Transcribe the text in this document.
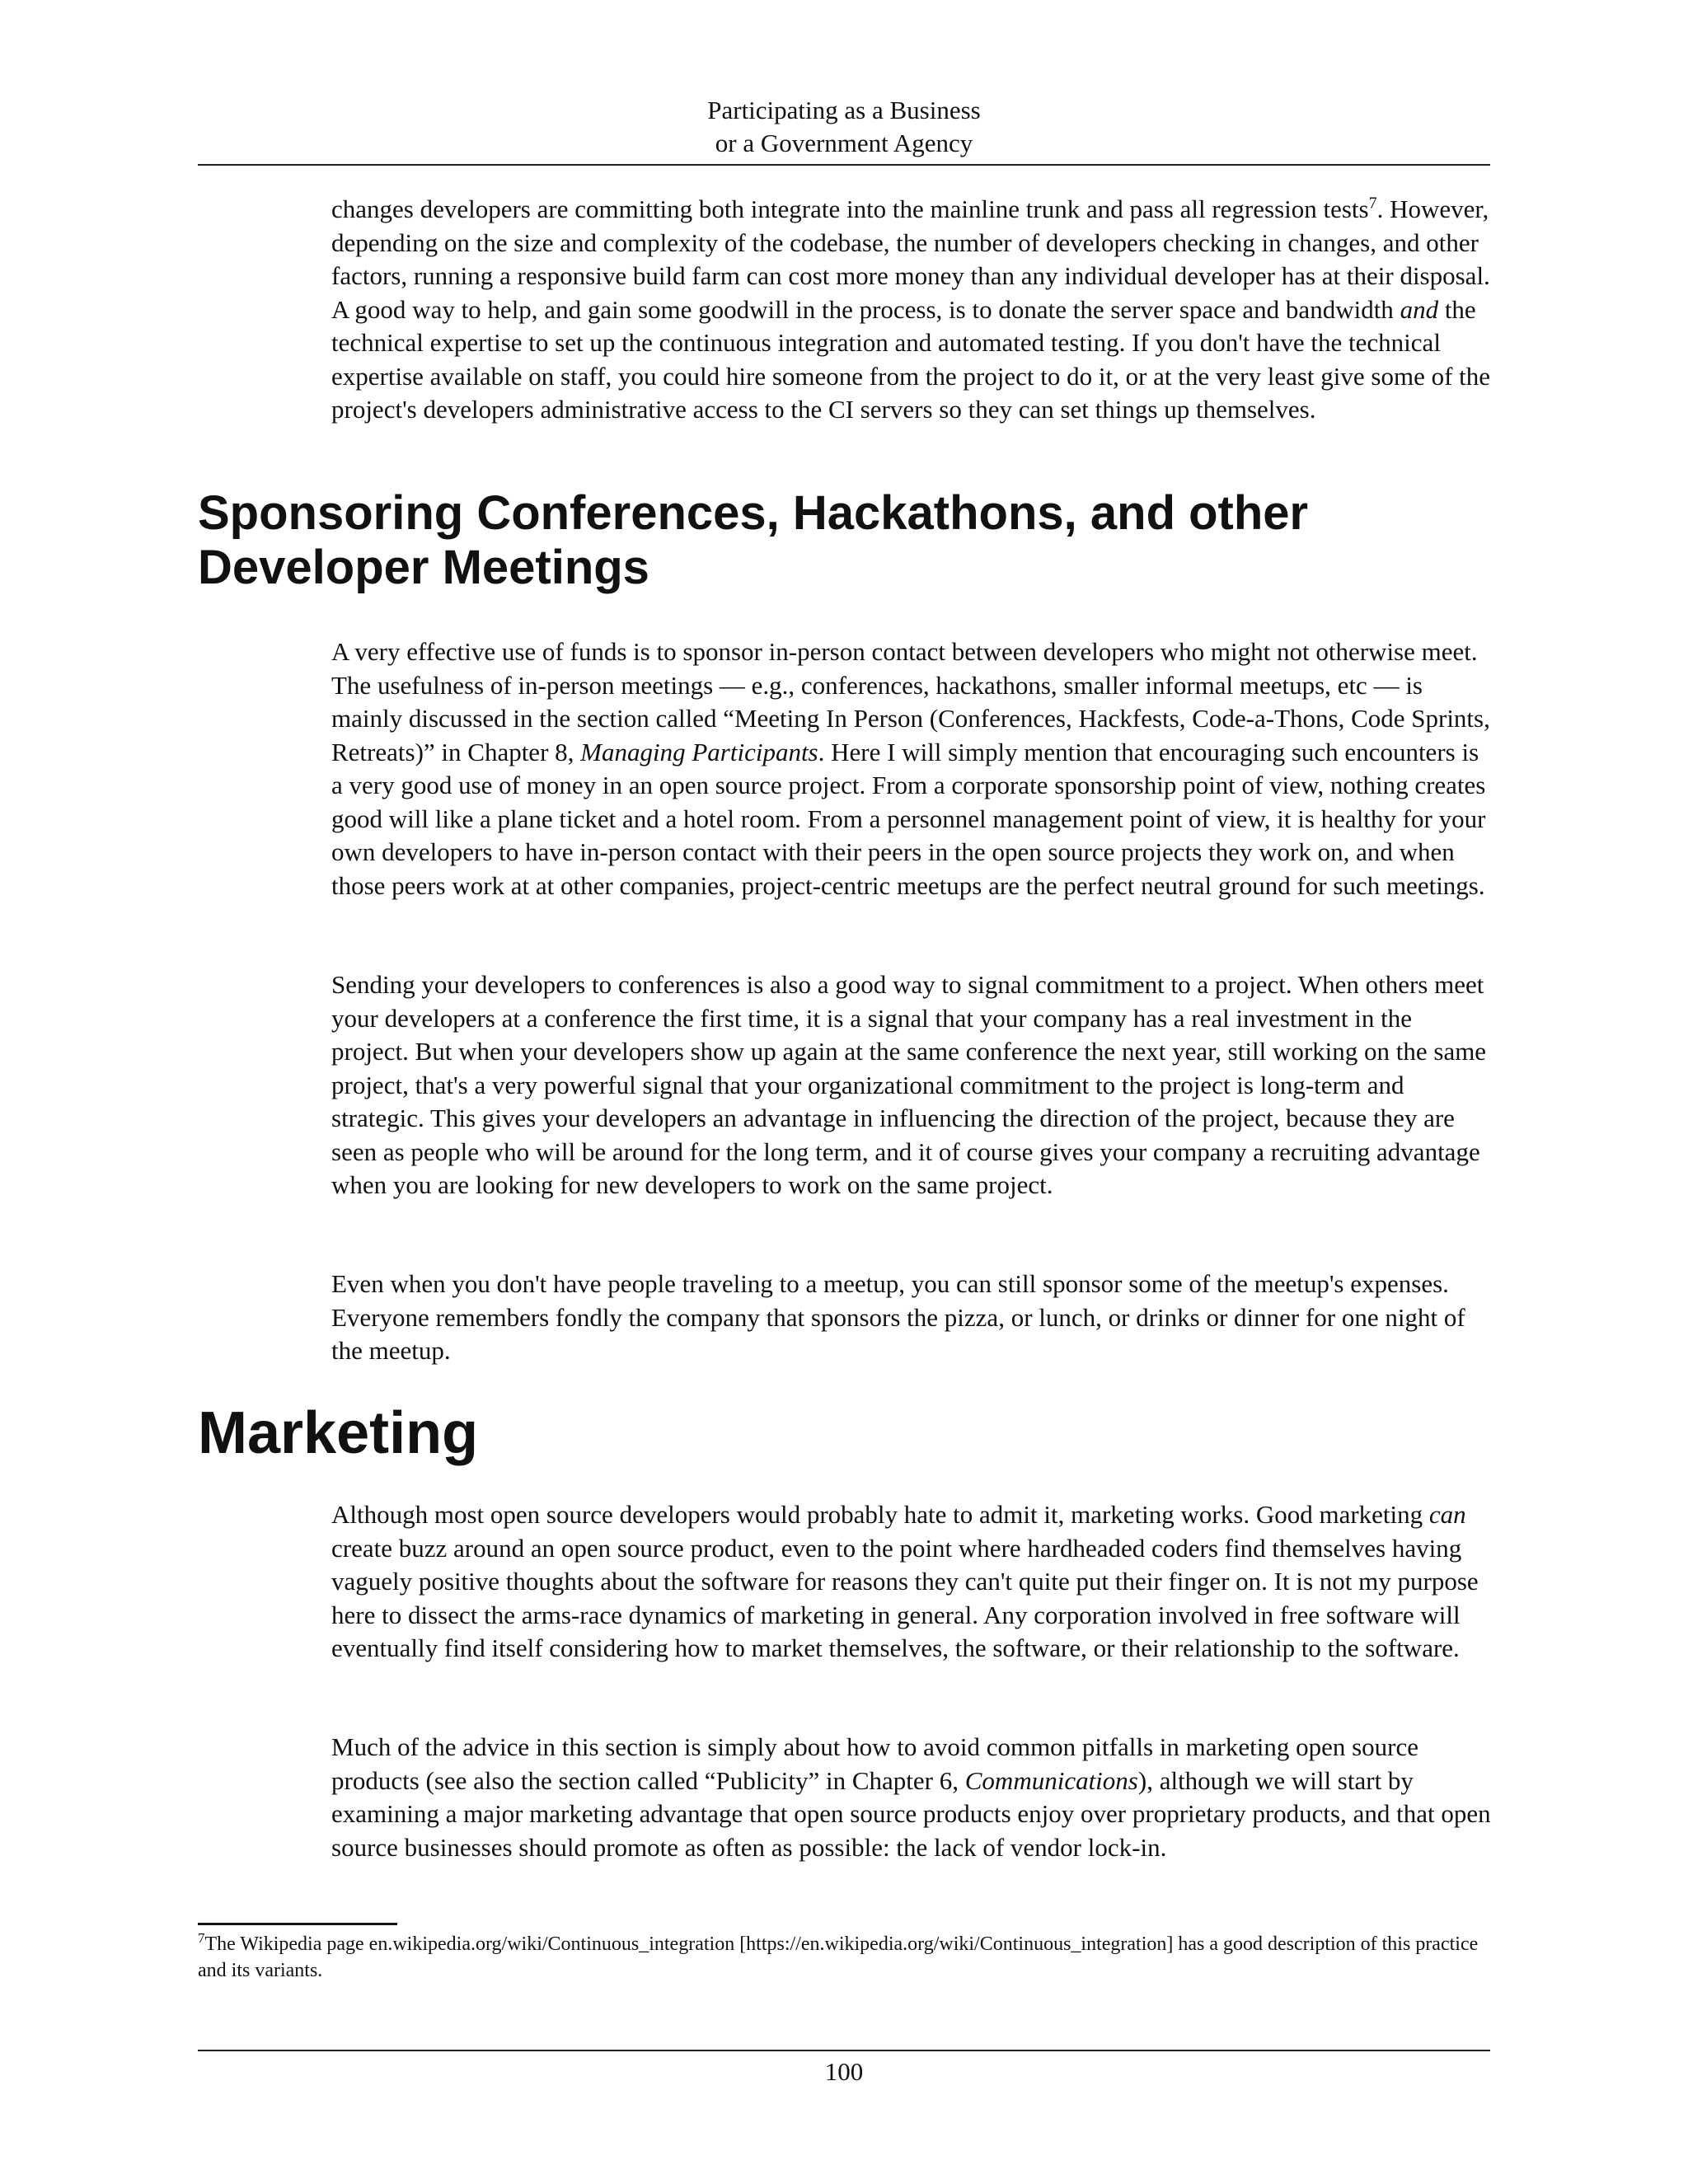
Participating as a Business
or a Government Agency

changes developers are committing both integrate into the mainline trunk and pass all regression tests$^7$. However, depending on the size and complexity of the codebase, the number of developers checking in changes, and other factors, running a responsive build farm can cost more money than any individual developer has at their disposal. A good way to help, and gain some goodwill in the process, is to donate the server space and bandwidth and the technical expertise to set up the continuous integration and automated testing. If you don't have the technical expertise available on staff, you could hire someone from the project to do it, or at the very least give some of the project's developers administrative access to the CI servers so they can set things up themselves.

Sponsoring Conferences, Hackathons, and other Developer Meetings

A very effective use of funds is to sponsor in-person contact between developers who might not otherwise meet. The usefulness of in-person meetings — e.g., conferences, hackathons, smaller informal meetups, etc — is mainly discussed in the section called “Meeting In Person (Conferences, Hackfests, Code-a-Thons, Code Sprints, Retreats)” in Chapter 8, Managing Participants. Here I will simply mention that encouraging such encounters is a very good use of money in an open source project. From a corporate sponsorship point of view, nothing creates good will like a plane ticket and a hotel room. From a personnel management point of view, it is healthy for your own developers to have in-person contact with their peers in the open source projects they work on, and when those peers work at at other companies, project-centric meetups are the perfect neutral ground for such meetings.

Sending your developers to conferences is also a good way to signal commitment to a project. When others meet your developers at a conference the first time, it is a signal that your company has a real investment in the project. But when your developers show up again at the same conference the next year, still working on the same project, that's a very powerful signal that your organizational commitment to the project is long-term and strategic. This gives your developers an advantage in influencing the direction of the project, because they are seen as people who will be around for the long term, and it of course gives your company a recruiting advantage when you are looking for new developers to work on the same project.

Even when you don't have people traveling to a meetup, you can still sponsor some of the meetup's expenses. Everyone remembers fondly the company that sponsors the pizza, or lunch, or drinks or dinner for one night of the meetup.

Marketing

Although most open source developers would probably hate to admit it, marketing works. Good marketing can create buzz around an open source product, even to the point where hardheaded coders find themselves having vaguely positive thoughts about the software for reasons they can't quite put their finger on. It is not my purpose here to dissect the arms-race dynamics of marketing in general. Any corporation involved in free software will eventually find itself considering how to market themselves, the software, or their relationship to the software.

Much of the advice in this section is simply about how to avoid common pitfalls in marketing open source products (see also the section called “Publicity” in Chapter 6, Communications), although we will start by examining a major marketing advantage that open source products enjoy over proprietary products, and that open source businesses should promote as often as possible: the lack of vendor lock-in.

$^7$The Wikipedia page en.wikipedia.org/wiki/Continuous_integration [https://en.wikipedia.org/wiki/Continuous_integration] has a good description of this practice and its variants.

100
